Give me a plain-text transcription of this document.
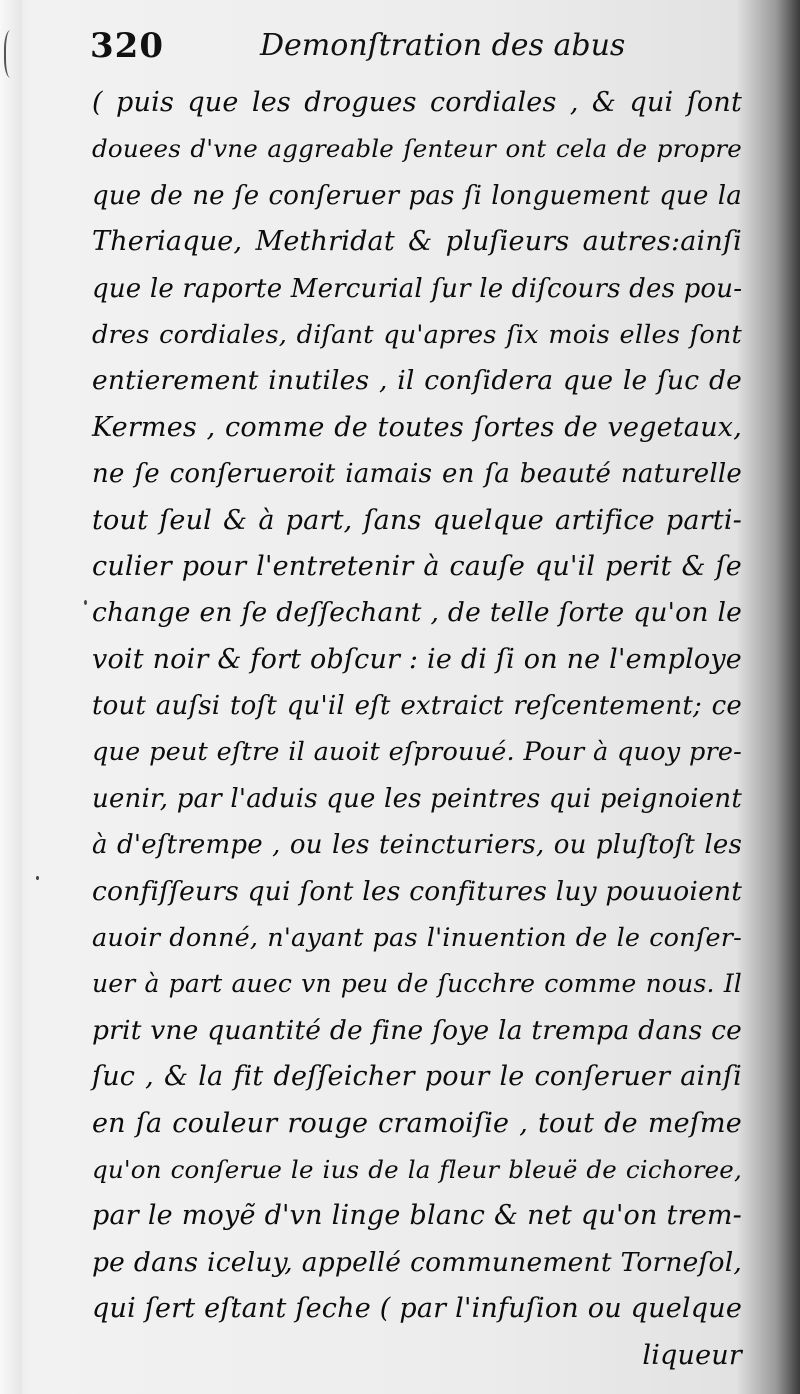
320	Demonſtration des abus
( puis que les drogues cordiales , & qui ſont
douees d'vne aggreable ſenteur ont cela de propre
que de ne ſe conſeruer pas ſi longuement que la
Theriaque, Methridat & pluſieurs autres:ainſi
que le raporte Mercurial ſur le diſcours des pou-
dres cordiales, diſant qu'apres ſix mois elles ſont
entierement inutiles , il conſidera que le ſuc de
Kermes , comme de toutes ſortes de vegetaux,
ne ſe conſerueroit iamais en ſa beauté naturelle
tout ſeul & à part, ſans quelque artifice parti-
culier pour l'entretenir à cauſe qu'il perit & ſe
change en ſe deſſechant , de telle ſorte qu'on le
voit noir & fort obſcur : ie di ſi on ne l'employe
tout auſsi toſt qu'il eſt extraict reſcentement; ce
que peut eſtre il auoit eſprouué. Pour à quoy pre-
uenir, par l'aduis que les peintres qui peignoient
à d'eſtrempe , ou les teincturiers, ou pluſtoſt les
confiſſeurs qui ſont les confitures luy pouuoient
auoir donné, n'ayant pas l'inuention de le conſer-
uer à part auec vn peu de ſucchre comme nous. Il
prit vne quantité de fine ſoye la trempa dans ce
ſuc , & la fit deſſeicher pour le conſeruer ainſi
en ſa couleur rouge cramoiſie , tout de meſme
qu'on conſerue le ius de la fleur bleuë de cichoree,
par le moyẽ d'vn linge blanc & net qu'on trem-
pe dans iceluy, appellé communement Torneſol,
qui ſert eſtant ſeche ( par l'infuſion ou quelque
liqueur
